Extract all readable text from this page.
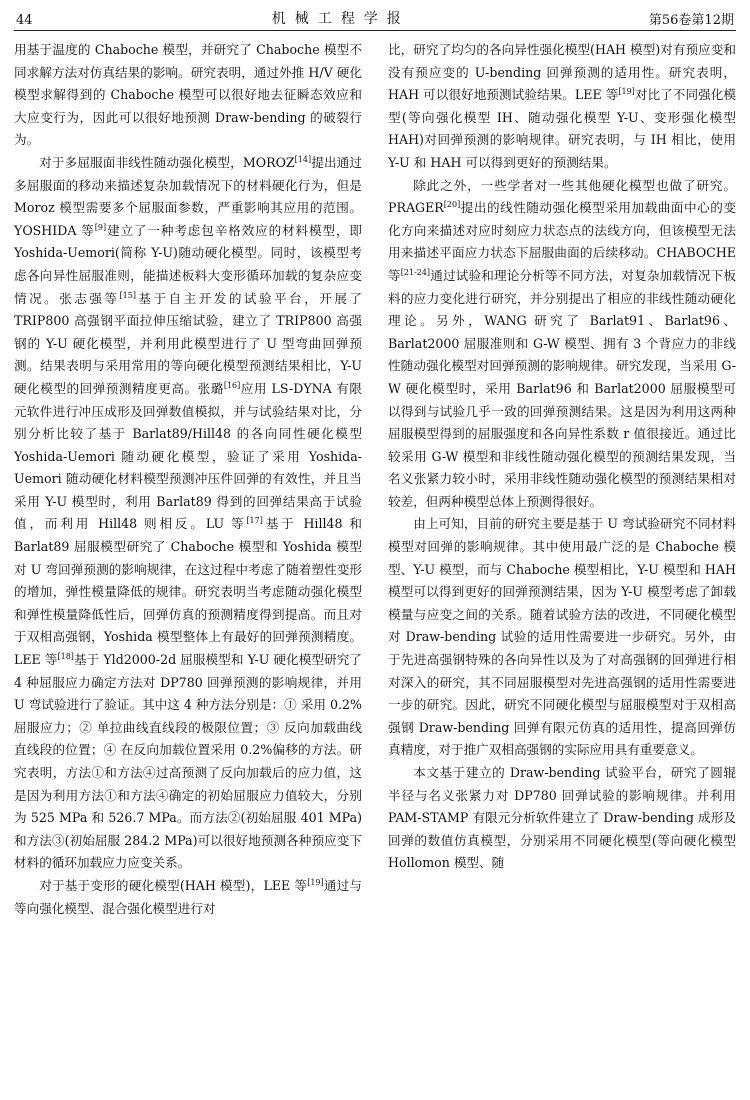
44	机械工程学报	第56卷第12期

用基于温度的 Chaboche 模型，并研究了 Chaboche 模型不同求解方法对仿真结果的影响。研究表明，通过外推 H/V 硬化模型求解得到的 Chaboche 模型可以很好地去征瞬态效应和大应变行为，因此可以很好地预测 Draw-bending 的破裂行为。

对于多屈服面非线性随动强化模型，MOROZ[14]提出通过多屈服面的移动来描述复杂加载情况下的材料硬化行为，但是 Moroz 模型需要多个屈服面参数，严重影响其应用的范围。YOSHIDA 等[9]建立了一种考虑包辛格效应的材料模型，即 Yoshida-Uemori(简称 Y-U)随动硬化模型。同时，该模型考虑各向异性屈服准则，能描述板料大变形循环加载的复杂应变情况。张志强等[15]基于自主开发的试验平台，开展了 TRIP800 高强钢平面拉伸压缩试验，建立了 TRIP800 高强钢的 Y-U 硬化模型，并利用此模型进行了 U 型弯曲回弹预测。结果表明与采用常用的等向硬化模型预测结果相比，Y-U 硬化模型的回弹预测精度更高。张璐[16]应用 LS-DYNA 有限元软件进行冲压成形及回弹数值模拟，并与试验结果对比，分别分析比较了基于 Barlat89/Hill48 的各向同性硬化模型 Yoshida-Uemori 随动硬化模型，验证了采用 Yoshida-Uemori 随动硬化材料模型预测冲压件回弹的有效性，并且当采用 Y-U 模型时，利用 Barlat89 得到的回弹结果高于试验值，而利用 Hill48 则相反。LU 等[17]基于 Hill48 和 Barlat89 屈服模型研究了 Chaboche 模型和 Yoshida 模型对 U 弯回弹预测的影响规律，在这过程中考虑了随着塑性变形的增加，弹性模量降低的规律。研究表明当考虑随动强化模型和弹性模量降低性后，回弹仿真的预测精度得到提高。而且对于双相高强钢，Yoshida 模型整体上有最好的回弹预测精度。LEE 等[18]基于 Yld2000-2d 屈服模型和 Y-U 硬化模型研究了 4 种屈服应力确定方法对 DP780 回弹预测的影响规律，并用 U 弯试验进行了验证。其中这 4 种方法分别是：① 采用 0.2%屈服应力；② 单拉曲线直线段的极限位置；③ 反向加载曲线直线段的位置；④ 在反向加载位置采用 0.2%偏移的方法。研究表明，方法①和方法④过高预测了反向加载后的应力值，这是因为利用方法①和方法④确定的初始屈服应力值较大，分别为 525 MPa 和 526.7 MPa。而方法②(初始屈服 401 MPa)和方法③(初始屈服 284.2 MPa)可以很好地预测各种预应变下材料的循环加载应力应变关系。

对于基于变形的硬化模型(HAH 模型)，LEE 等[19]通过与等向强化模型、混合强化模型进行对

比，研究了均匀的各向异性强化模型(HAH 模型)对有预应变和没有预应变的 U-bending 回弹预测的适用性。研究表明，HAH 可以很好地预测试验结果。LEE 等[19]对比了不同强化模型(等向强化模型 IH、随动强化模型 Y-U、变形强化模型 HAH)对回弹预测的影响规律。研究表明，与 IH 相比，使用 Y-U 和 HAH 可以得到更好的预测结果。

除此之外，一些学者对一些其他硬化模型也做了研究。PRAGER[20]提出的线性随动强化模型采用加载曲面中心的变化方向来描述对应时刻应力状态点的法线方向，但该模型无法用来描述平面应力状态下屈服曲面的后续移动。CHABOCHE 等[21-24]通过试验和理论分析等不同方法，对复杂加载情况下板料的应力变化进行研究，并分别提出了相应的非线性随动硬化理论。另外，WANG 研究了 Barlat91、Barlat96、Barlat2000 屈服准则和 G-W 模型、拥有 3 个背应力的非线性随动强化模型对回弹预测的影响规律。研究发现，当采用 G-W 硬化模型时，采用 Barlat96 和 Barlat2000 屈服模型可以得到与试验几乎一致的回弹预测结果。这是因为利用这两种屈服模型得到的屈服强度和各向异性系数 r 值很接近。通过比较采用 G-W 模型和非线性随动强化模型的预测结果发现，当名义张紧力较小时，采用非线性随动强化模型的预测结果相对较差，但两种模型总体上预测得很好。

由上可知，目前的研究主要是基于 U 弯试验研究不同材料模型对回弹的影响规律。其中使用最广泛的是 Chaboche 模型、Y-U 模型，而与 Chaboche 模型相比，Y-U 模型和 HAH 模型可以得到更好的回弹预测结果，因为 Y-U 模型考虑了卸载模量与应变之间的关系。随着试验方法的改进，不同硬化模型对 Draw-bending 试验的适用性需要进一步研究。另外，由于先进高强钢特殊的各向异性以及为了对高强钢的回弹进行相对深入的研究，其不同屈服模型对先进高强钢的适用性需要进一步的研究。因此，研究不同硬化模型与屈服模型对于双相高强钢 Draw-bending 回弹有限元仿真的适用性，提高回弹仿真精度，对于推广双相高强钢的实际应用具有重要意义。

本文基于建立的 Draw-bending 试验平台，研究了圆辊半径与名义张紧力对 DP780 回弹试验的影响规律。并利用 PAM-STAMP 有限元分析软件建立了 Draw-bending 成形及回弹的数值仿真模型，分别采用不同硬化模型(等向硬化模型 Hollomon 模型、随
